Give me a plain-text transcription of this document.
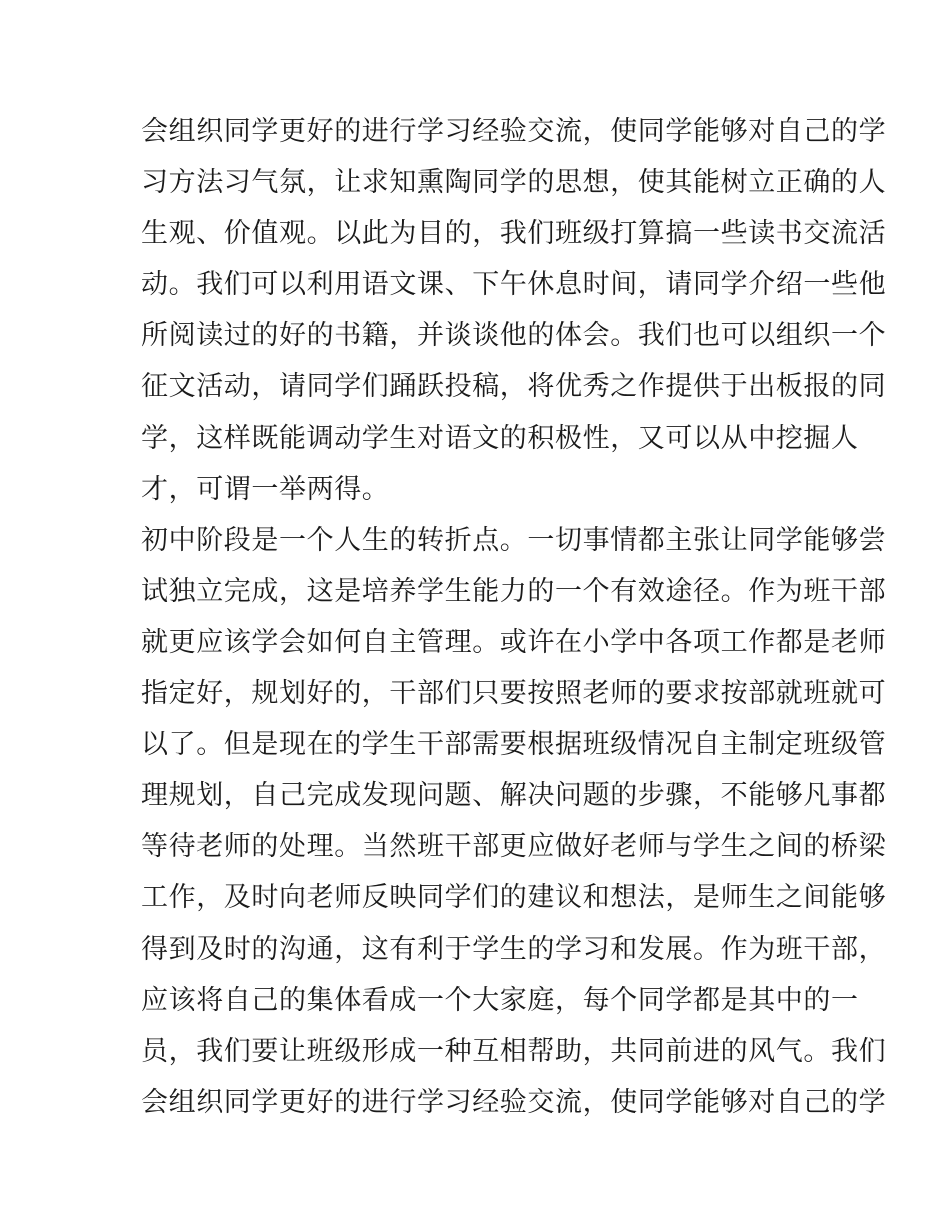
会组织同学更好的进行学习经验交流，使同学能够对自己的学
习方法习气氛，让求知熏陶同学的思想，使其能树立正确的人
生观、价值观。以此为目的，我们班级打算搞一些读书交流活
动。我们可以利用语文课、下午休息时间，请同学介绍一些他
所阅读过的好的书籍，并谈谈他的体会。我们也可以组织一个
征文活动，请同学们踊跃投稿，将优秀之作提供于出板报的同
学，这样既能调动学生对语文的积极性，又可以从中挖掘人
才，可谓一举两得。
初中阶段是一个人生的转折点。一切事情都主张让同学能够尝
试独立完成，这是培养学生能力的一个有效途径。作为班干部
就更应该学会如何自主管理。或许在小学中各项工作都是老师
指定好，规划好的，干部们只要按照老师的要求按部就班就可
以了。但是现在的学生干部需要根据班级情况自主制定班级管
理规划，自己完成发现问题、解决问题的步骤，不能够凡事都
等待老师的处理。当然班干部更应做好老师与学生之间的桥梁
工作，及时向老师反映同学们的建议和想法，是师生之间能够
得到及时的沟通，这有利于学生的学习和发展。作为班干部，
应该将自己的集体看成一个大家庭，每个同学都是其中的一
员，我们要让班级形成一种互相帮助，共同前进的风气。我们
会组织同学更好的进行学习经验交流，使同学能够对自己的学
